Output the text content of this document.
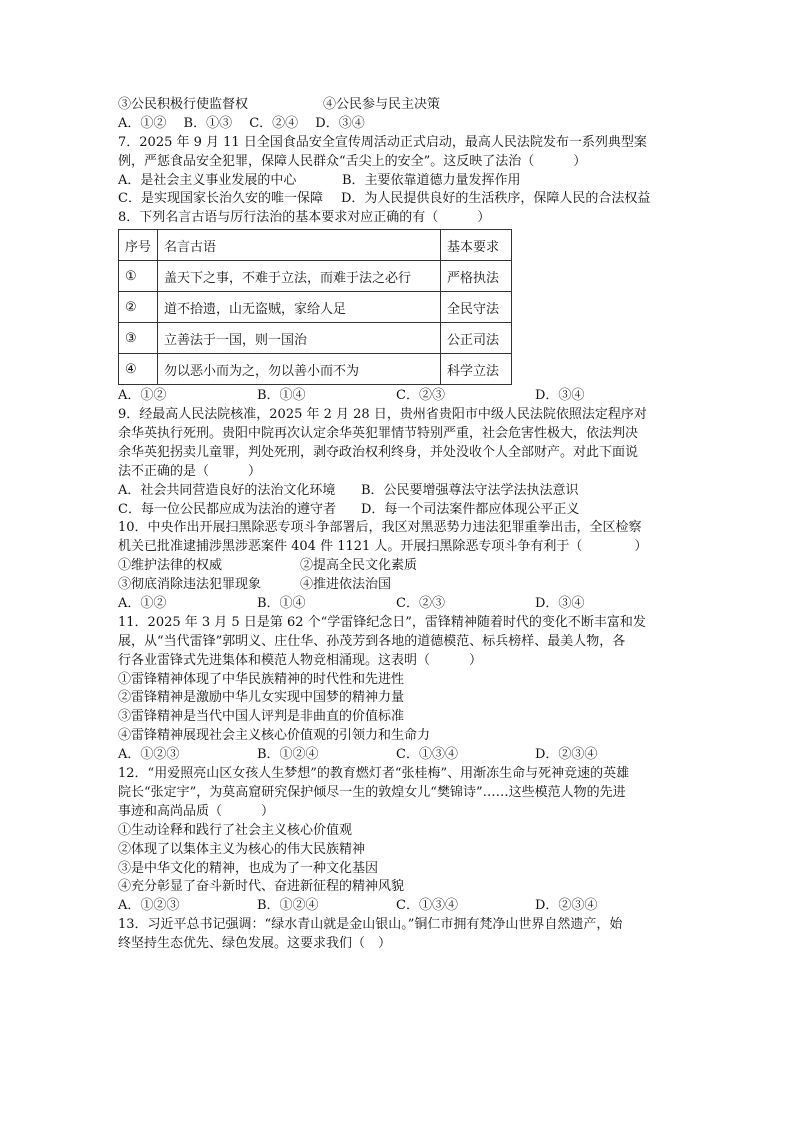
③公民积极行使监督权	④公民参与民主决策
A．①②　 B．①③　 C．②④　 D．③④
7．2025 年 9 月 11 日全国食品安全宣传周活动正式启动，最高人民法院发布一系列典型案
例，严惩食品安全犯罪，保障人民群众“舌尖上的安全”。这反映了法治（　　　）
A．是社会主义事业发展的中心	B．主要依靠道德力量发挥作用
C．是实现国家长治久安的唯一保障 D．为人民提供良好的生活秩序，保障人民的合法权益
8．下列名言古语与厉行法治的基本要求对应正确的有（　　　）
序号	名言古语	基本要求
①	盖天下之事，不难于立法，而难于法之必行	严格执法
②	道不拾遗，山无盗贼，家给人足	全民守法
③	立善法于一国，则一国治	公正司法
④	勿以恶小而为之，勿以善小而不为	科学立法
A．①②	B．①④	C．②③	D．③④
9．经最高人民法院核准，2025 年 2 月 28 日，贵州省贵阳市中级人民法院依照法定程序对
余华英执行死刑。贵阳中院再次认定余华英犯罪情节特别严重，社会危害性极大，依法判决
余华英犯拐卖儿童罪，判处死刑，剥夺政治权利终身，并处没收个人全部财产。对此下面说
法不正确的是（　　　）
A．社会共同营造良好的法治文化环境 B．公民要增强尊法守法学法执法意识
C．每一位公民都应成为法治的遵守者 D．每一个司法案件都应体现公平正义
10．中央作出开展扫黑除恶专项斗争部署后，我区对黑恶势力违法犯罪重拳出击，全区检察
机关已批准逮捕涉黑涉恶案件 404 件 1121 人。开展扫黑除恶专项斗争有利于（　　　　）
①维护法律的权威	②提高全民文化素质
③彻底消除违法犯罪现象	④推进依法治国
A．①②	B．①④	C．②③	D．③④
11．2025 年 3 月 5 日是第 62 个“学雷锋纪念日”，雷锋精神随着时代的变化不断丰富和发
展，从“当代雷锋”郭明义、庄仕华、孙茂芳到各地的道德模范、标兵榜样、最美人物，各
行各业雷锋式先进集体和模范人物竞相涌现。这表明（　　　）
①雷锋精神体现了中华民族精神的时代性和先进性
②雷锋精神是激励中华儿女实现中国梦的精神力量
③雷锋精神是当代中国人评判是非曲直的价值标准
④雷锋精神展现社会主义核心价值观的引领力和生命力
A．①②③	B．①②④	C．①③④	D．②③④
12．“用爱照亮山区女孩人生梦想”的教育燃灯者“张桂梅”、用渐冻生命与死神竞速的英雄
院长“张定宇”，为莫高窟研究保护倾尽一生的敦煌女儿“樊锦诗”……这些模范人物的先进
事迹和高尚品质（　　　）
①生动诠释和践行了社会主义核心价值观
②体现了以集体主义为核心的伟大民族精神
③是中华文化的精神，也成为了一种文化基因
④充分彰显了奋斗新时代、奋进新征程的精神风貌
A．①②③	B．①②④	C．①③④	D．②③④
13．习近平总书记强调：“绿水青山就是金山银山。”铜仁市拥有梵净山世界自然遗产，始
终坚持生态优先、绿色发展。这要求我们（　）
